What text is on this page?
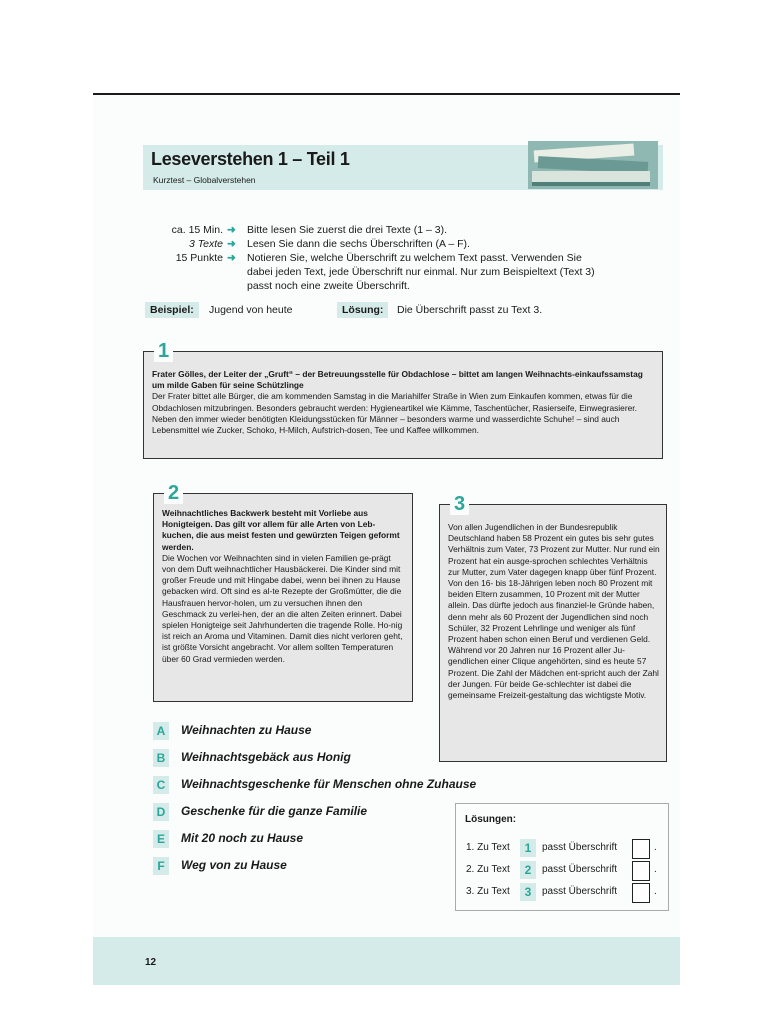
Leseverstehen 1 – Teil 1
Kurztest – Globalverstehen
ca. 15 Min. ➜ Bitte lesen Sie zuerst die drei Texte (1 – 3).
3 Texte ➜ Lesen Sie dann die sechs Überschriften (A – F).
15 Punkte ➜ Notieren Sie, welche Überschrift zu welchem Text passt. Verwenden Sie
dabei jeden Text, jede Überschrift nur einmal. Nur zum Beispieltext (Text 3)
passt noch eine zweite Überschrift.
Beispiel:	Jugend von heute	Lösung:	Die Überschrift passt zu Text 3.
1
Frater Gölles, der Leiter der „Gruft“ – der Betreuungsstelle für Obdachlose – bittet am langen Weihnachts-einkaufssamstag um milde Gaben für seine Schützlinge
Der Frater bittet alle Bürger, die am kommenden Samstag in die Mariahilfer Straße in Wien zum Einkaufen kommen, etwas für die Obdachlosen mitzubringen. Besonders gebraucht werden: Hygieneartikel wie Kämme, Taschentücher, Rasierseife, Einwegrasierer. Neben den immer wieder benötigten Kleidungsstücken für Männer – besonders warme und wasserdichte Schuhe! – sind auch Lebensmittel wie Zucker, Schoko, H-Milch, Aufstrich-dosen, Tee und Kaffee willkommen.
2
Weihnachtliches Backwerk besteht mit Vorliebe aus Honigteigen. Das gilt vor allem für alle Arten von Leb-kuchen, die aus meist festen und gewürzten Teigen geformt werden.
Die Wochen vor Weihnachten sind in vielen Familien ge-prägt von dem Duft weihnachtlicher Hausbäckerei. Die Kinder sind mit großer Freude und mit Hingabe dabei, wenn bei ihnen zu Hause gebacken wird. Oft sind es al-te Rezepte der Großmütter, die die Hausfrauen hervor-holen, um zu versuchen ihnen den Geschmack zu verlei-hen, der an die alten Zeiten erinnert. Dabei spielen Honigteige seit Jahrhunderten die tragende Rolle. Ho-nig ist reich an Aroma und Vitaminen. Damit dies nicht verloren geht, ist größte Vorsicht angebracht. Vor allem sollten Temperaturen über 60 Grad vermieden werden.
3
Von allen Jugendlichen in der Bundesrepublik Deutschland haben 58 Prozent ein gutes bis sehr gutes Verhältnis zum Vater, 73 Prozent zur Mutter. Nur rund ein Prozent hat ein ausge-sprochen schlechtes Verhältnis zur Mutter, zum Vater dagegen knapp über fünf Prozent. Von den 16- bis 18-Jährigen leben noch 80 Prozent mit beiden Eltern zusammen, 10 Prozent mit der Mutter allein. Das dürfte jedoch aus finanziel-le Gründe haben, denn mehr als 60 Prozent der Jugendlichen sind noch Schüler, 32 Prozent Lehrlinge und weniger als fünf Prozent haben schon einen Beruf und verdienen Geld. Während vor 20 Jahren nur 16 Prozent aller Ju-gendlichen einer Clique angehörten, sind es heute 57 Prozent. Die Zahl der Mädchen ent-spricht auch der Zahl der Jungen. Für beide Ge-schlechter ist dabei die gemeinsame Freizeit-gestaltung das wichtigste Motiv.
A	Weihnachten zu Hause
B	Weihnachtsgebäck aus Honig
C	Weihnachtsgeschenke für Menschen ohne Zuhause
D	Geschenke für die ganze Familie
E	Mit 20 noch zu Hause
F	Weg von zu Hause
Lösungen:
1. Zu Text	1	passt Überschrift	.
2. Zu Text	2	passt Überschrift	.
3. Zu Text	3	passt Überschrift	.
12
